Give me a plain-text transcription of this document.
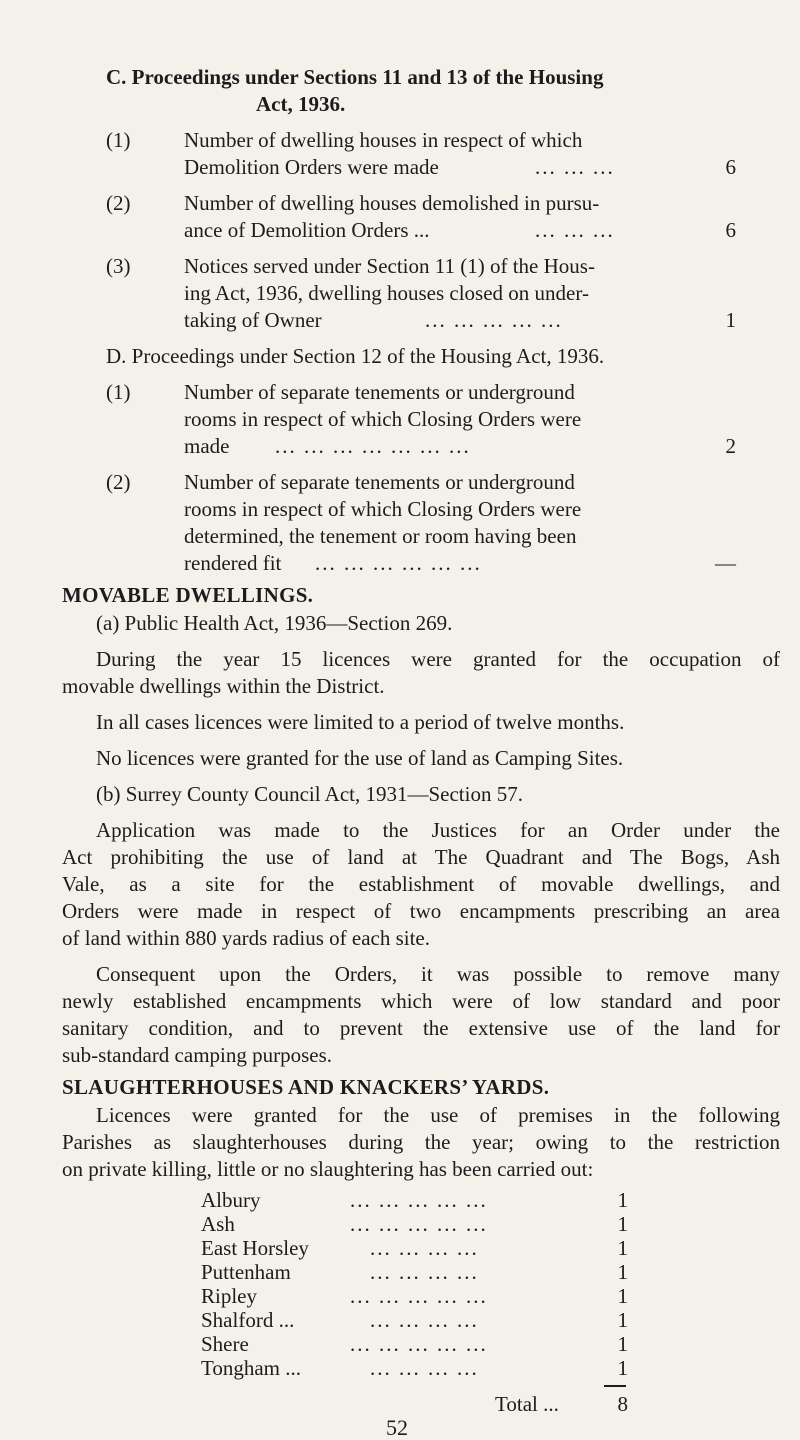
C. Proceedings under Sections 11 and 13 of the Housing
Act, 1936.
(1)	Number of dwelling houses in respect of which
Demolition Orders were made	... ... ...	6
(2)	Number of dwelling houses demolished in pursu-
ance of Demolition Orders ...	... ... ...	6
(3)	Notices served under Section 11 (1) of the Hous-
ing Act, 1936, dwelling houses closed on under-
taking of Owner	... ... ... ... ...	1
D. Proceedings under Section 12 of the Housing Act, 1936.
(1)	Number of separate tenements or underground
rooms in respect of which Closing Orders were
made ... ... ... ... ... ... ...	2
(2)	Number of separate tenements or underground
rooms in respect of which Closing Orders were
determined, the tenement or room having been
rendered fit ... ... ... ... ... ...	—
MOVABLE DWELLINGS.
(a) Public Health Act, 1936—Section 269.
During the year 15 licences were granted for the occupation of
movable dwellings within the District.
In all cases licences were limited to a period of twelve months.
No licences were granted for the use of land as Camping Sites.
(b) Surrey County Council Act, 1931—Section 57.
Application was made to the Justices for an Order under the
Act prohibiting the use of land at The Quadrant and The Bogs, Ash
Vale, as a site for the establishment of movable dwellings, and
Orders were made in respect of two encampments prescribing an area
of land within 880 yards radius of each site.
Consequent upon the Orders, it was possible to remove many
newly established encampments which were of low standard and poor
sanitary condition, and to prevent the extensive use of the land for
sub-standard camping purposes.
SLAUGHTERHOUSES AND KNACKERS’ YARDS.
Licences were granted for the use of premises in the following
Parishes as slaughterhouses during the year; owing to the restriction
on private killing, little or no slaughtering has been carried out:
Albury	... ... ... ... ...	1
Ash	... ... ... ... ...	1
East Horsley	... ... ... ...	1
Puttenham	... ... ... ...	1
Ripley	... ... ... ... ...	1
Shalford ...	... ... ... ...	1
Shere	... ... ... ... ...	1
Tongham ...	... ... ... ...	1
Total ...	8
52
